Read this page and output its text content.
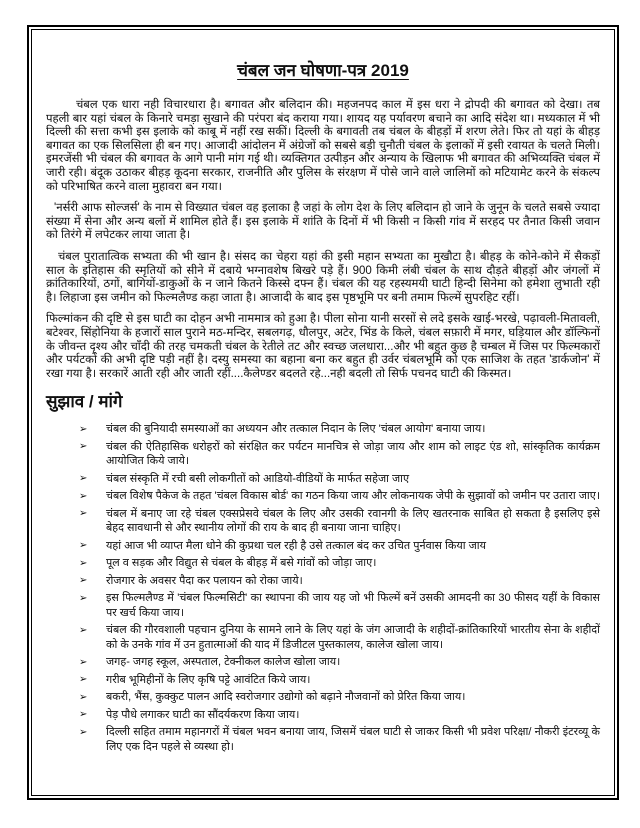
चंबल जन घोषणा-पत्र 2019

चंबल एक धारा नही विचारधारा है। बगावत और बलिदान की। महजनपद काल में इस धरा ने द्रोपदी की बगावत को देखा। तब पहली बार यहां चंबल के किनारे चमड़ा सुखाने की परंपरा बंद कराया गया। शायद यह पर्यावरण बचाने का आदि संदेश था। मध्यकाल में भी दिल्ली की सत्ता कभी इस इलाके को काबू में नहीं रख सकीं। दिल्ली के बगावती तब चंबल के बीहड़ों में शरण लेते। फिर तो यहां के बीहड़ बगावत का एक सिलसिला ही बन गए। आजादी आंदोलन में अंग्रेजों को सबसे बड़ी चुनौती चंबल के इलाकों में इसी रवायत के चलते मिली। इमरजेंसी भी चंबल की बगावत के आगे पानी मांग गई थी। व्यक्तिगत उत्पीड़न और अन्याय के खिलाफ भी बगावत की अभिव्यक्ति चंबल में जारी रही। बंदूक उठाकर बीहड़ कूदना सरकार, राजनीति और पुलिस के संरक्षण में पोसे जाने वाले जालिमों को मटियामेट करने के संकल्प को परिभाषित करने वाला मुहावरा बन गया।

'नर्सरी आफ सोल्जर्स' के नाम से विख्यात चंबल वह इलाका है जहां के लोग देश के लिए बलिदान हो जाने के जुनून के चलते सबसे ज्यादा संख्या में सेना और अन्य बलों में शामिल होते हैं। इस इलाके में शांति के दिनों में भी किसी न किसी गांव में सरहद पर तैनात किसी जवान को तिरंगे में लपेटकर लाया जाता है।

चंबल पुरातात्विक सभ्यता की भी खान है। संसद का चेहरा यहां की इसी महान सभ्यता का मुखौटा है। बीहड़ के कोने-कोने में सैकड़ों साल के इतिहास की स्मृतियों को सीने में दबाये भग्नावशेष बिखरे पड़े हैं। 900 किमी लंबी चंबल के साथ दौड़ते बीहड़ों और जंगलों में क्रांतिकारियों, ठगों, बागियों-डाकुओं के न जाने कितने किस्से दफ्न हैं। चंबल की यह रहस्यमयी घाटी हिन्दी सिनेमा को हमेशा लुभाती रही है। लिहाजा इस जमीन को फिल्मलैण्ड कहा जाता है। आजादी के बाद इस पृष्ठभूमि पर बनी तमाम फिल्में सुपरहिट रहीं।

फिल्मांकन की दृष्टि से इस घाटी का दोहन अभी नाममात्र को हुआ है। पीला सोना यानी सरसों से लदे इसके खाई-भरखे, पढ़ावली-मितावली, बटेश्वर, सिंहोनिया के हजारों साल पुराने मठ-मन्दिर, सबलगढ़, धौलपुर, अटेर, भिंड के किले, चंबल सफ़ारी में मगर, घड़ियाल और डॉल्फिनों के जीवन्त दृश्य और चाँदी की तरह चमकती चंबल के रेतीले तट और स्वच्छ जलधारा...और भी बहुत कुछ है चम्बल में जिस पर फिल्मकारों और पर्यटकों की अभी दृष्टि पड़ी नहीं है। दस्यु समस्या का बहाना बना कर बहुत ही उर्वर चंबलभूमि को एक साजिश के तहत 'डार्कजोन' में रखा गया है। सरकारें आती रही और जाती रहीं....कैलेण्डर बदलते रहे...नही बदली तो सिर्फ पचनद घाटी की किस्मत।

सुझाव / मांगे
➢ चंबल की बुनियादी समस्याओं का अध्ययन और तत्काल निदान के लिए 'चंबल आयोग' बनाया जाय।
➢ चंबल की ऐतिहासिक धरोहरों को संरक्षित कर पर्यटन मानचित्र से जोड़ा जाय और शाम को लाइट एंड शो, सांस्कृतिक कार्यक्रम आयोजित किये जाये।
➢ चंबल संस्कृति में रची बसी लोकगीतों को आडियो-वीडियों के मार्फत सहेजा जाए
➢ चंबल विशेष पैकेज के तहत 'चंबल विकास बोर्ड' का गठन किया जाय और लोकनायक जेपी के सुझावों को जमीन पर उतारा जाए।
➢ चंबल में बनाए जा रहे चंबल एक्सप्रेसवे चंबल के लिए और उसकी रवानगी के लिए खतरनाक साबित हो सकता है इसलिए इसे बेहद सावधानी से और स्थानीय लोगों की राय के बाद ही बनाया जाना चाहिए।
➢ यहां आज भी व्याप्त मैला धोने की कुप्रथा चल रही है उसे तत्काल बंद कर उचित पुर्नवास किया जाय
➢ पूल व सड़क और विद्युत से चंबल के बीहड़ में बसे गांवों को जोड़ा जाए।
➢ रोजगार के अवसर पैदा कर पलायन को रोका जाये।
➢ इस फिल्मलैण्ड में 'चंबल फिल्मसिटी' का स्थापना की जाय यह जो भी फिल्में बनें उसकी आमदनी का 30 फीसद यहीं के विकास पर खर्च किया जाय।
➢ चंबल की गौरवशाली पहचान दुनिया के सामने लाने के लिए यहां के जंग आजादी के शहीदों-क्रांतिकारियों भारतीय सेना के शहीदों को के उनके गांव में उन हुतात्माओं की याद में डिजीटल पुस्तकालय, कालेज खोला जाय।
➢ जगह- जगह स्कूल, अस्पताल, टेक्नीकल कालेज खोला जाय।
➢ गरीब भूमिहीनों के लिए कृषि पट्टे आवंटित किये जाय।
➢ बकरी, भैंस, कुक्कुट पालन आदि स्वरोजगार उद्योगो को बढ़ाने नौजवानों को प्रेरित किया जाय।
➢ पेड़ पौधे लगाकर घाटी का सौंदर्यकरण किया जाय।
➢ दिल्ली सहित तमाम महानगरों में चंबल भवन बनाया जाय, जिसमें चंबल घाटी से जाकर किसी भी प्रवेश परिक्षा/ नौकरी इंटरव्यू के लिए एक दिन पहले से व्यस्था हो।
